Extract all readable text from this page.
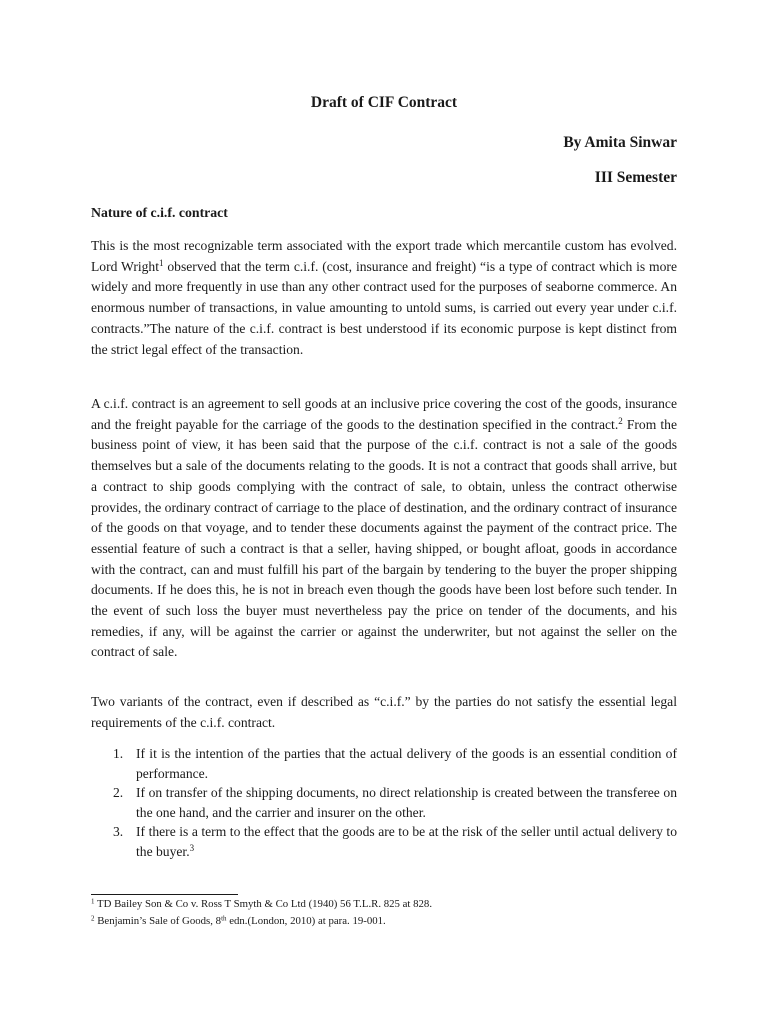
Draft of CIF Contract
By Amita Sinwar
III Semester
Nature of c.i.f. contract

This is the most recognizable term associated with the export trade which mercantile custom has evolved. Lord Wright$^1$ observed that the term c.i.f. (cost, insurance and freight) “is a type of contract which is more widely and more frequently in use than any other contract used for the purposes of seaborne commerce. An enormous number of transactions, in value amounting to untold sums, is carried out every year under c.i.f. contracts.”The nature of the c.i.f. contract is best understood if its economic purpose is kept distinct from the strict legal effect of the transaction.

A c.i.f. contract is an agreement to sell goods at an inclusive price covering the cost of the goods, insurance and the freight payable for the carriage of the goods to the destination specified in the contract.$^2$ From the business point of view, it has been said that the purpose of the c.i.f. contract is not a sale of the goods themselves but a sale of the documents relating to the goods. It is not a contract that goods shall arrive, but a contract to ship goods complying with the contract of sale, to obtain, unless the contract otherwise provides, the ordinary contract of carriage to the place of destination, and the ordinary contract of insurance of the goods on that voyage, and to tender these documents against the payment of the contract price. The essential feature of such a contract is that a seller, having shipped, or bought afloat, goods in accordance with the contract, can and must fulfill his part of the bargain by tendering to the buyer the proper shipping documents. If he does this, he is not in breach even though the goods have been lost before such tender. In the event of such loss the buyer must nevertheless pay the price on tender of the documents, and his remedies, if any, will be against the carrier or against the underwriter, but not against the seller on the contract of sale.

Two variants of the contract, even if described as “c.i.f.” by the parties do not satisfy the essential legal requirements of the c.i.f. contract.

1. If it is the intention of the parties that the actual delivery of the goods is an essential condition of performance.
2. If on transfer of the shipping documents, no direct relationship is created between the transferee on the one hand, and the carrier and insurer on the other.
3. If there is a term to the effect that the goods are to be at the risk of the seller until actual delivery to the buyer.$^3$
$^1$ TD Bailey Son & Co v. Ross T Smyth & Co Ltd (1940) 56 T.L.R. 825 at 828.
$^2$ Benjamin’s Sale of Goods, 8th edn.(London, 2010) at para. 19-001.
